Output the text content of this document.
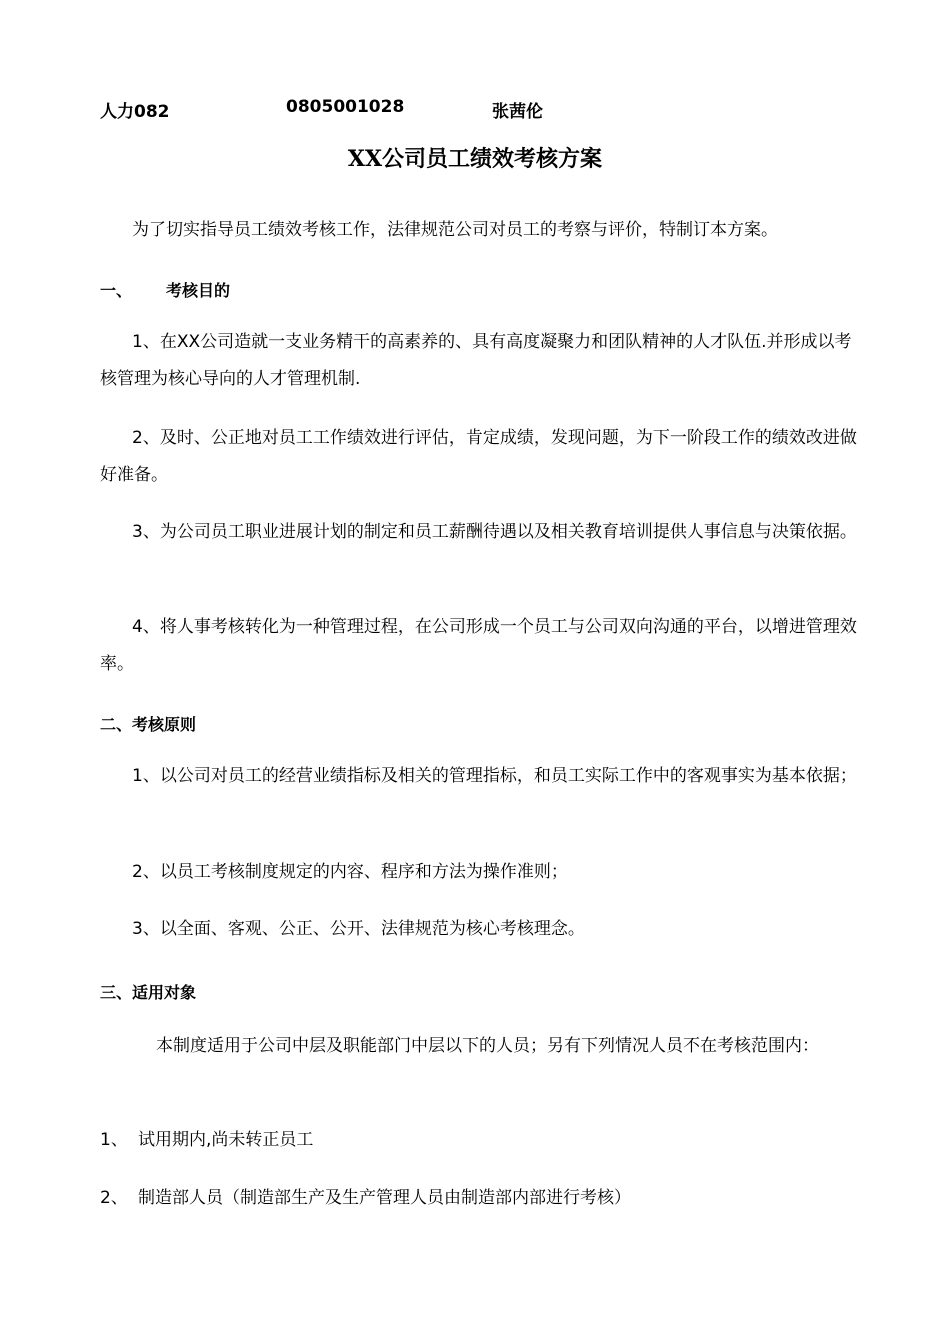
人力082	0805001028	张茜伦
XX公司员工绩效考核方案
为了切实指导员工绩效考核工作，法律规范公司对员工的考察与评价，特制订本方案。
一、 考核目的
1、在XX公司造就一支业务精干的高素养的、具有高度凝聚力和团队精神的人才队伍.并形成以考核管理为核心导向的人才管理机制.
2、及时、公正地对员工工作绩效进行评估，肯定成绩，发现问题，为下一阶段工作的绩效改进做好准备。
3、为公司员工职业进展计划的制定和员工薪酬待遇以及相关教育培训提供人事信息与决策依据。
4、将人事考核转化为一种管理过程，在公司形成一个员工与公司双向沟通的平台，以增进管理效率。
二、考核原则
1、以公司对员工的经营业绩指标及相关的管理指标，和员工实际工作中的客观事实为基本依据；
2、以员工考核制度规定的内容、程序和方法为操作准则；
3、以全面、客观、公正、公开、法律规范为核心考核理念。
三、适用对象
本制度适用于公司中层及职能部门中层以下的人员；另有下列情况人员不在考核范围内：
1、 试用期内,尚未转正员工
2、 制造部人员（制造部生产及生产管理人员由制造部内部进行考核）
